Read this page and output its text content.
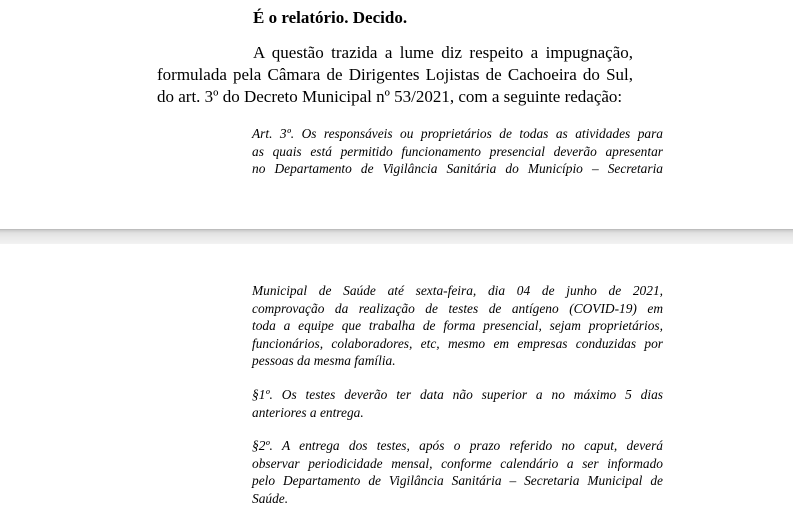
É o relatório. Decido.

A questão trazida a lume diz respeito a impugnação,
formulada pela Câmara de Dirigentes Lojistas de Cachoeira do Sul,
do art. 3º do Decreto Municipal nº 53/2021, com a seguinte redação:
Art. 3º. Os responsáveis ou proprietários de todas as atividades para
as quais está permitido funcionamento presencial deverão apresentar
no Departamento de Vigilância Sanitária do Município – Secretaria
Municipal de Saúde até sexta-feira, dia 04 de junho de 2021,
comprovação da realização de testes de antígeno (COVID-19) em
toda a equipe que trabalha de forma presencial, sejam proprietários,
funcionários, colaboradores, etc, mesmo em empresas conduzidas por
pessoas da mesma família.
§1º. Os testes deverão ter data não superior a no máximo 5 dias
anteriores a entrega.
§2º. A entrega dos testes, após o prazo referido no caput, deverá
observar periodicidade mensal, conforme calendário a ser informado
pelo Departamento de Vigilância Sanitária – Secretaria Municipal de
Saúde.
